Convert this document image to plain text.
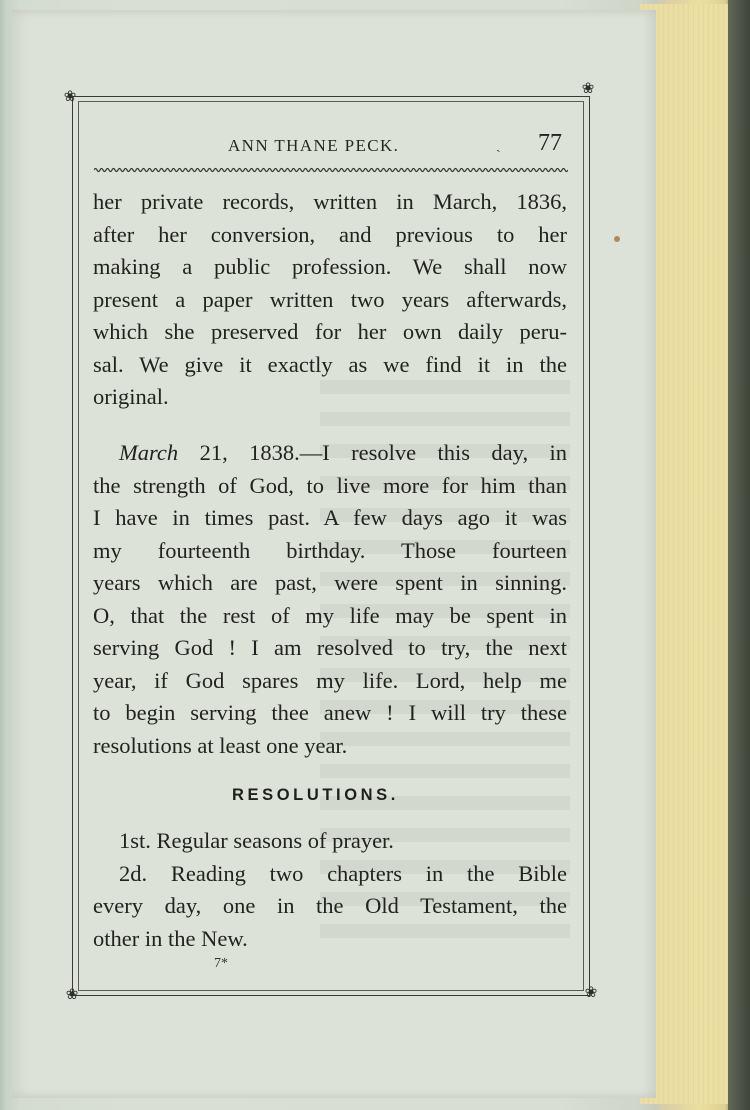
❀	❀
❀	❀
ANN THANE PECK.	ˎ 77
her private records, written in March, 1836,
after her conversion, and previous to her
making a public profession. We shall now
present a paper written two years afterwards,
which she preserved for her own daily peru-
sal. We give it exactly as we find it in the
original.
March 21, 1838.—I resolve this day, in
the strength of God, to live more for him than
I have in times past. A few days ago it was
my fourteenth birthday. Those fourteen
years which are past, were spent in sinning.
O, that the rest of my life may be spent in
serving God ! I am resolved to try, the next
year, if God spares my life. Lord, help me
to begin serving thee anew ! I will try these
resolutions at least one year.
RESOLUTIONS.
1st. Regular seasons of prayer.
2d. Reading two chapters in the Bible
every day, one in the Old Testament, the
other in the New.
7*
